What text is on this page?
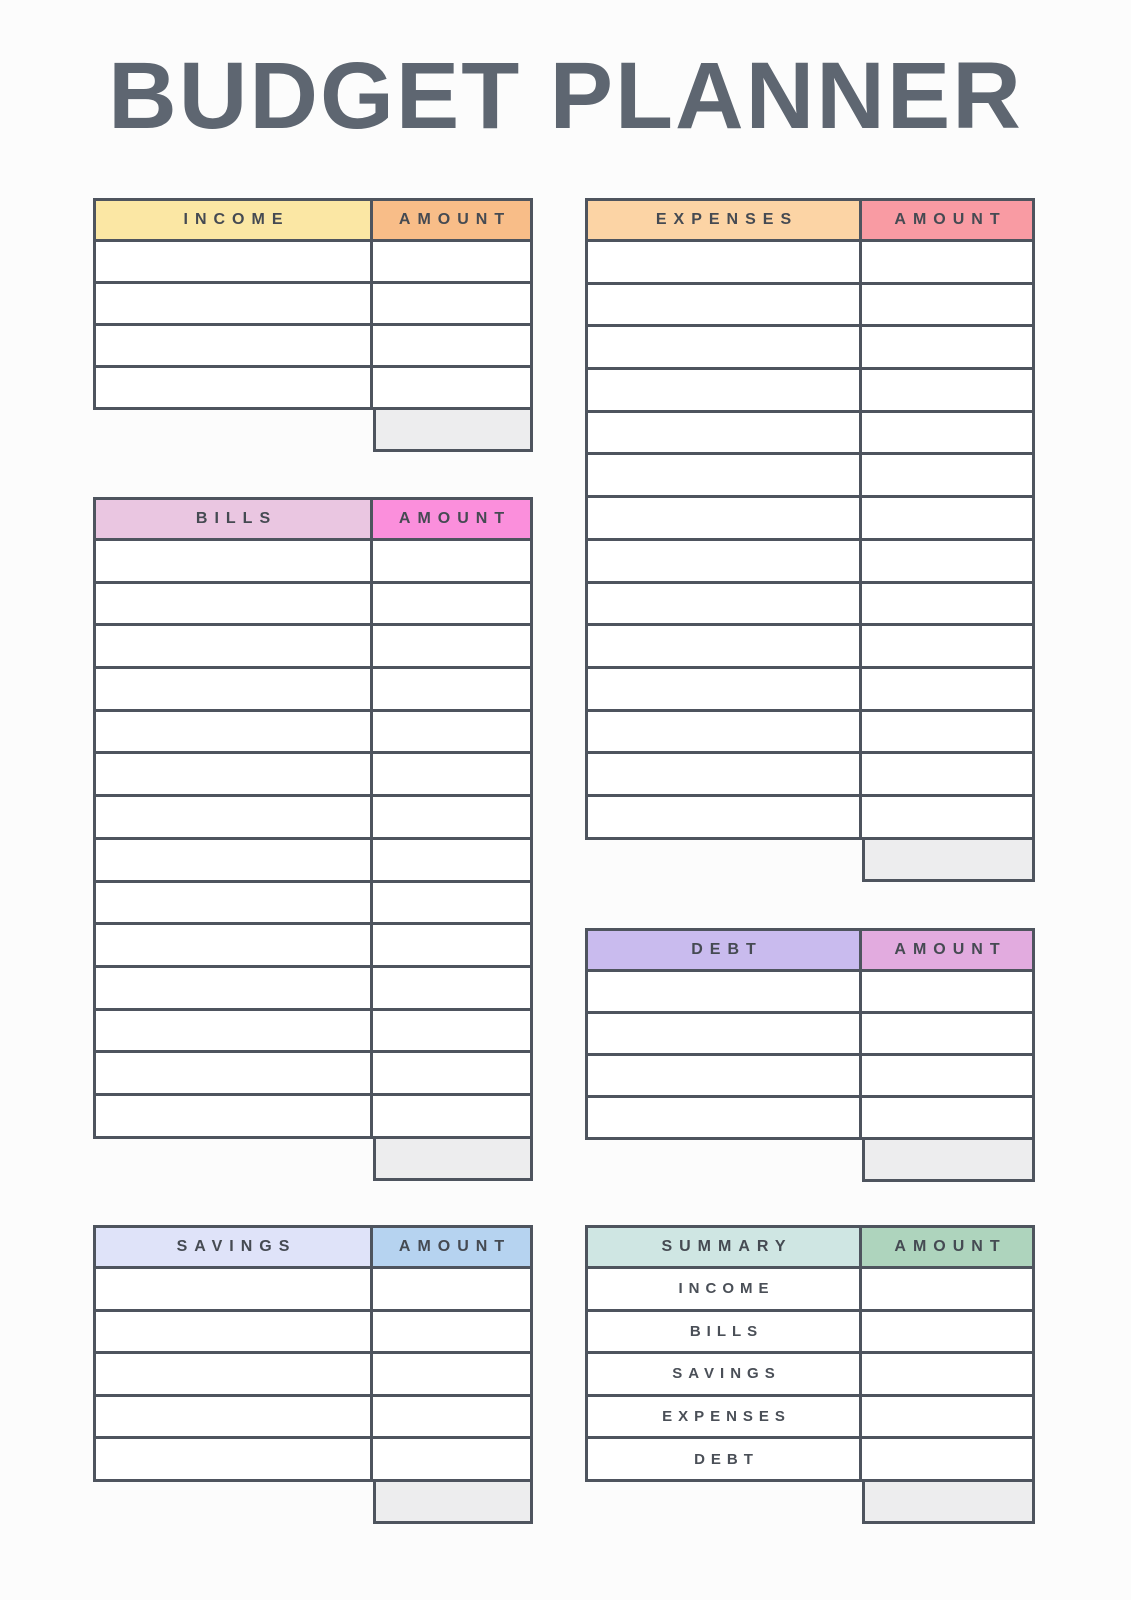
BUDGET PLANNER
INCOME	AMOUNT
BILLS	AMOUNT
SAVINGS	AMOUNT
EXPENSES	AMOUNT
DEBT	AMOUNT
SUMMARY	AMOUNT
INCOME
BILLS
SAVINGS
EXPENSES
DEBT
